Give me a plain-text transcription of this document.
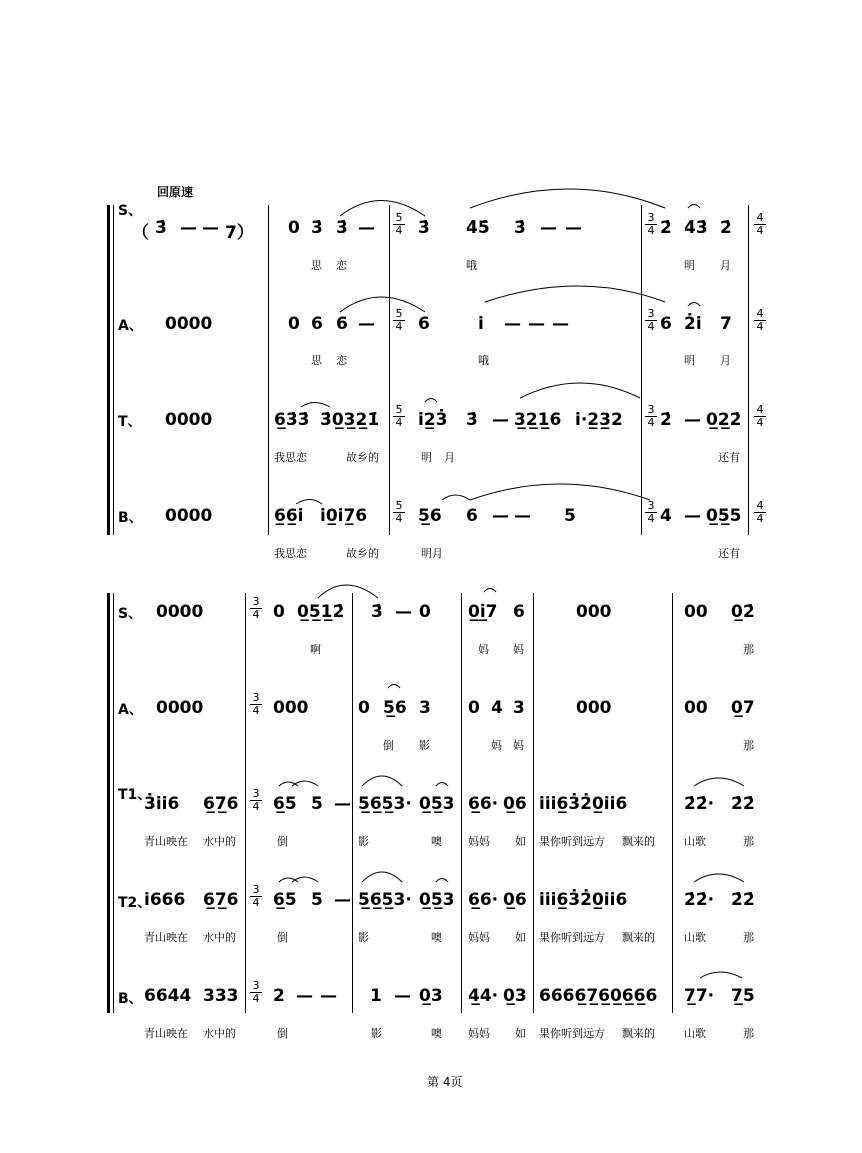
回原速
S、
（ 3̇ — — 7） 0 3̇ 3̇ —	3̇ 4̇5̇ 3̇ — —	2̇ 4̇3̇ 2̇
思 恋	哦	明 月
A、 0000	0 6 6 —	6	i̇ — — —	6 2̇i̇ 7
思 恋	哦	明 月
T、 0000	6̲3̇3̇ 3̇0̲3̲2̲1̇ i̇2̲3̇ 3̇ — 3̲2̲1̲6 i̇·2̲3̲2 2̇ — 0̲2̲2̇
我思恋	故乡的	明 月	还有
B、 0000	6̲6̲i̇ i̇0̲i̇7̲6	5̲6 6 — — 5	4 — 0̲5̲5
我思恋	故乡的	明月	还有
5
4
5
4
5
4
5
4
3
4
3
4
3
4
3
4
4
4
4
4
4
4
4
4
S、 0000	0 0̲5̲1̲2̇ 3̇ — 0 0̲i̲7 6	000	00 0̲2̇
啊	妈 妈	那
A、 0000	000	0 5̲6 3 0 4 3	000	00 0̲7
倒 影	妈 妈	那
T1、
3̇i̇i̇6 6̲7̲6 6̲5 5 — 5̲6̲5̲3· 0̲5̲3 6̲6· 0̲6 i̇i̇i̇6̲3̇2̇0̲i̇i̇6	2̇2̇· 2̇2̇
青山映在 水中的	倒	影	噢 妈妈 如 果你听到远方 飘来的	山歌	那
T2、
i̇666 6̲7̲6 6̲5 5 — 5̲6̲5̲3· 0̲5̲3 6̲6· 0̲6 i̇i̇i̇6̲3̇2̇0̲i̇i̇6	2̇2̇· 2̇2̇
青山映在 水中的	倒	影	噢 妈妈 如 果你听到远方 飘来的	山歌	那
B、 6644 333 2 — — 1 — 0̲3 4̲4· 0̲3 6666̲7̲6̲0̲6̲6̲6 7̲7· 7̲5
青山映在 水中的	倒	影	噢 妈妈 如 果你听到远方 飘来的	山歌	那
3
4
3
4
3
4
3
4
3
4
第 4页
